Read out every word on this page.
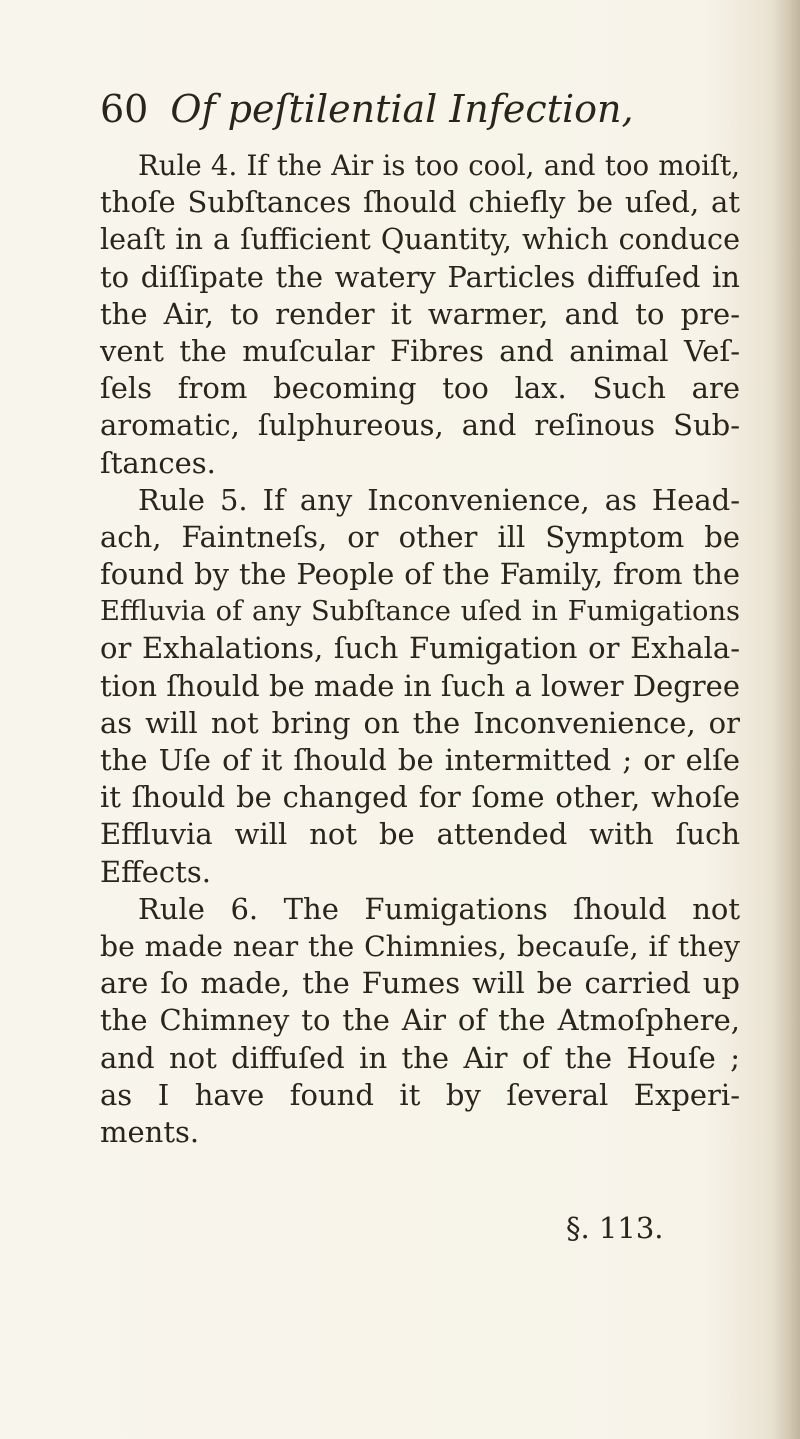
60 Of peſtilential Infection,
Rule 4. If the Air is too cool, and too moiſt,
thoſe Subſtances ſhould chiefly be uſed, at
leaſt in a ſufficient Quantity, which conduce
to diſſipate the watery Particles diffuſed in
the Air, to render it warmer, and to pre-
vent the muſcular Fibres and animal Veſ-
ſels from becoming too lax. Such are
aromatic, ſulphureous, and reſinous Sub-
ſtances.
Rule 5. If any Inconvenience, as Head-
ach, Faintneſs, or other ill Symptom be
found by the People of the Family, from the
Effluvia of any Subſtance uſed in Fumigations
or Exhalations, ſuch Fumigation or Exhala-
tion ſhould be made in ſuch a lower Degree
as will not bring on the Inconvenience, or
the Uſe of it ſhould be intermitted ; or elſe
it ſhould be changed for ſome other, whoſe
Effluvia will not be attended with ſuch
Effects.
Rule 6. The Fumigations ſhould not
be made near the Chimnies, becauſe, if they
are ſo made, the Fumes will be carried up
the Chimney to the Air of the Atmoſphere,
and not diffuſed in the Air of the Houſe ;
as I have found it by ſeveral Experi-
ments.
§. 113.
